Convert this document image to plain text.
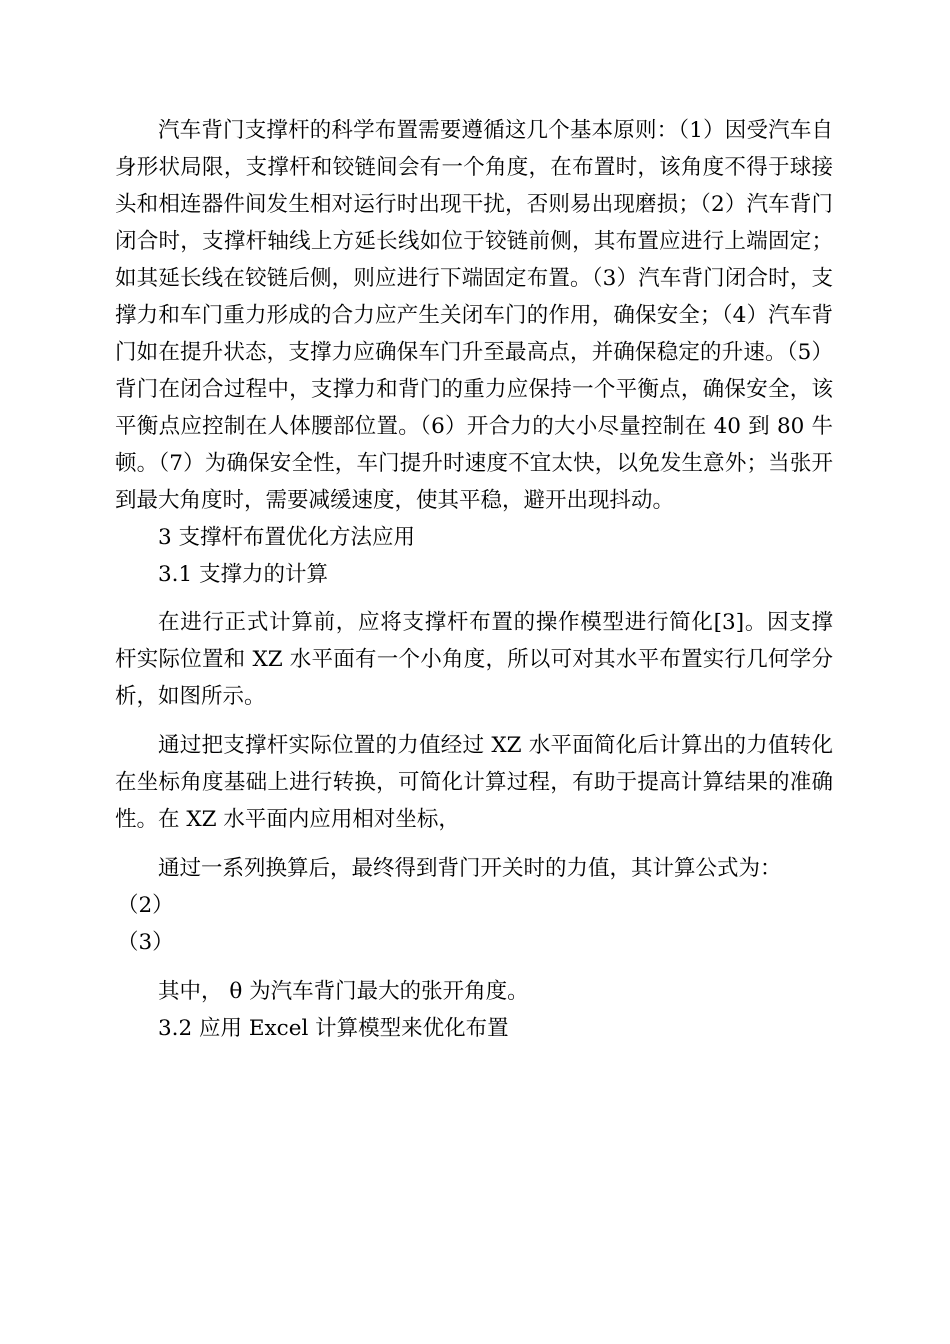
汽车背门支撑杆的科学布置需要遵循这几个基本原则：（1）因受汽车自身形状局限，支撑杆和铰链间会有一个角度，在布置时，该角度不得于球接头和相连器件间发生相对运行时出现干扰，否则易出现磨损；（2）汽车背门闭合时，支撑杆轴线上方延长线如位于铰链前侧，其布置应进行上端固定；如其延长线在铰链后侧，则应进行下端固定布置。（3）汽车背门闭合时，支撑力和车门重力形成的合力应产生关闭车门的作用，确保安全；（4）汽车背门如在提升状态，支撑力应确保车门升至最高点，并确保稳定的升速。（5）背门在闭合过程中，支撑力和背门的重力应保持一个平衡点，确保安全，该平衡点应控制在人体腰部位置。（6）开合力的大小尽量控制在 40 到 80 牛顿。（7）为确保安全性，车门提升时速度不宜太快，以免发生意外；当张开到最大角度时，需要减缓速度，使其平稳，避开出现抖动。

3 支撑杆布置优化方法应用

3.1 支撑力的计算

在进行正式计算前，应将支撑杆布置的操作模型进行简化[3]。因支撑杆实际位置和 XZ 水平面有一个小角度，所以可对其水平布置实行几何学分析，如图所示。

通过把支撑杆实际位置的力值经过 XZ 水平面简化后计算出的力值转化在坐标角度基础上进行转换，可简化计算过程，有助于提高计算结果的准确性。在 XZ 水平面内应用相对坐标，

通过一系列换算后，最终得到背门开关时的力值，其计算公式为：

（2）

（3）

其中， θ 为汽车背门最大的张开角度。

3.2 应用 Excel 计算模型来优化布置
